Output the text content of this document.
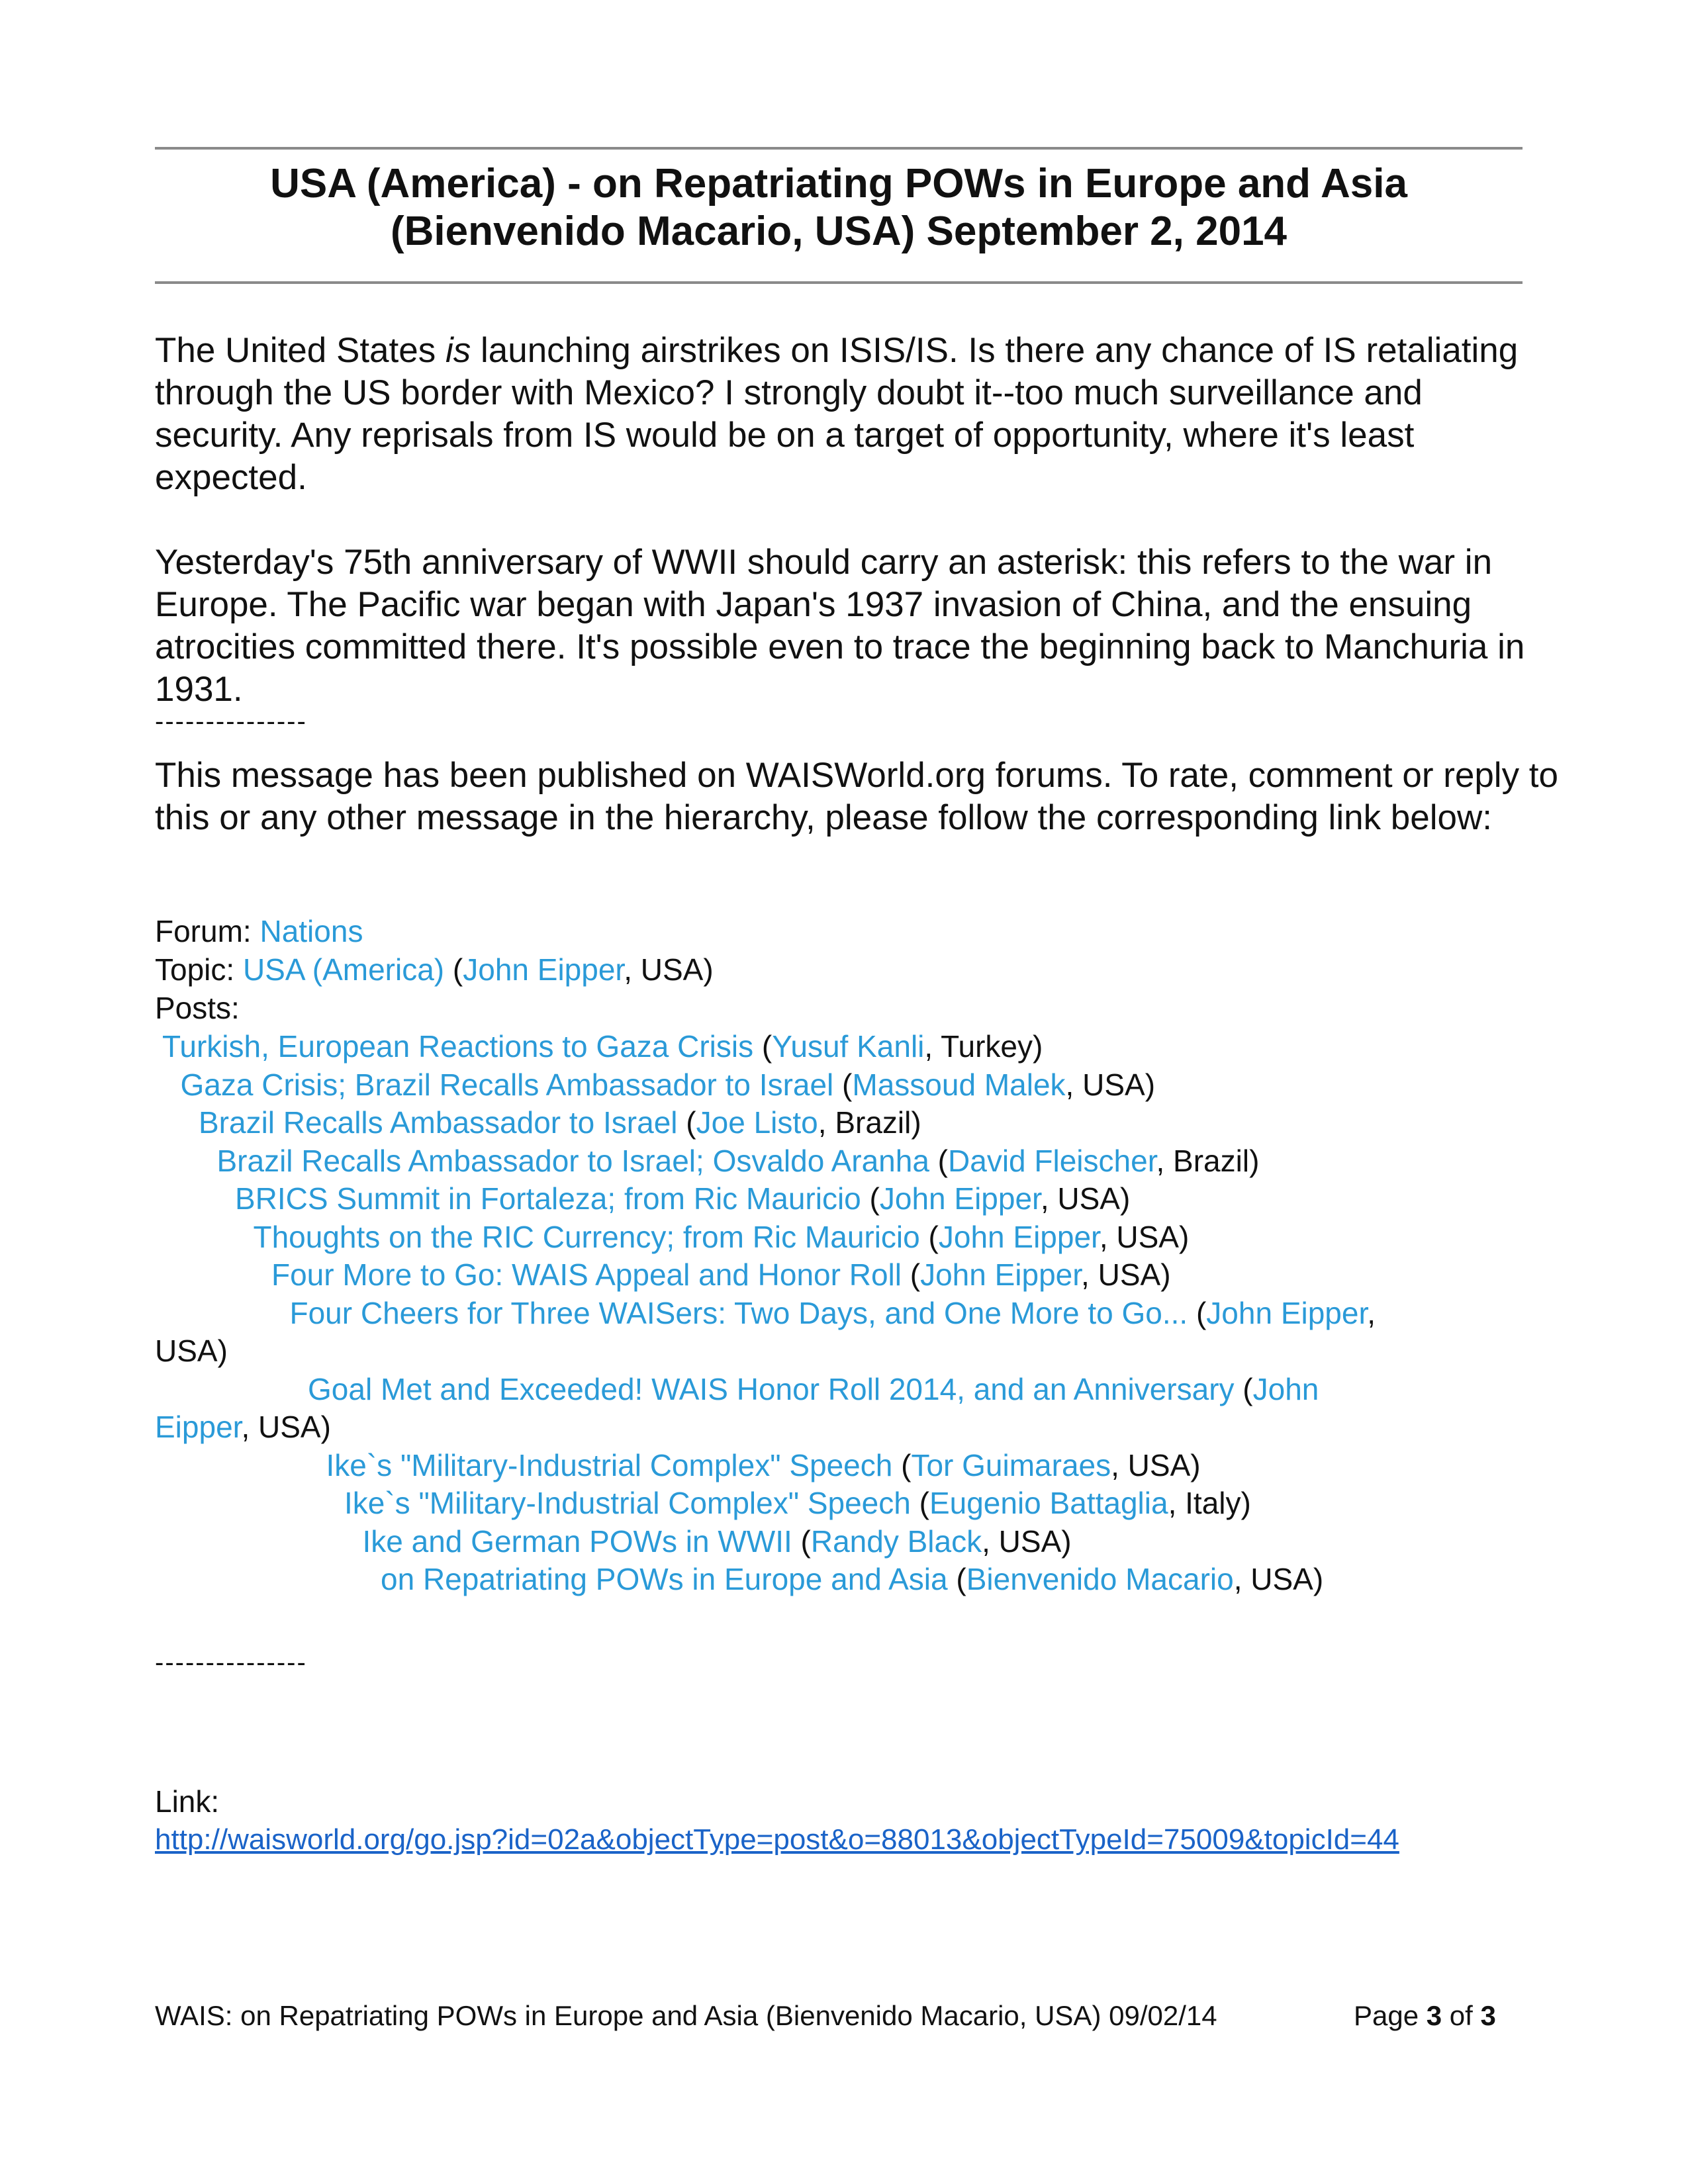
USA (America) - on Repatriating POWs in Europe and Asia
(Bienvenido Macario, USA) September 2, 2014

The United States is launching airstrikes on ISIS/IS. Is there any chance of IS retaliating through the US border with Mexico? I strongly doubt it--too much surveillance and security. Any reprisals from IS would be on a target of opportunity, where it's least expected.

Yesterday's 75th anniversary of WWII should carry an asterisk: this refers to the war in Europe. The Pacific war began with Japan's 1937 invasion of China, and the ensuing atrocities committed there. It's possible even to trace the beginning back to Manchuria in 1931.

---------------

This message has been published on WAISWorld.org forums. To rate, comment or reply to this or any other message in the hierarchy, please follow the corresponding link below:

Forum: Nations
Topic: USA (America) (John Eipper, USA)
Posts:
Turkish, European Reactions to Gaza Crisis (Yusuf Kanli, Turkey)
Gaza Crisis; Brazil Recalls Ambassador to Israel (Massoud Malek, USA)
Brazil Recalls Ambassador to Israel (Joe Listo, Brazil)
Brazil Recalls Ambassador to Israel; Osvaldo Aranha (David Fleischer, Brazil)
BRICS Summit in Fortaleza; from Ric Mauricio (John Eipper, USA)
Thoughts on the RIC Currency; from Ric Mauricio (John Eipper, USA)
Four More to Go: WAIS Appeal and Honor Roll (John Eipper, USA)
Four Cheers for Three WAISers: Two Days, and One More to Go... (John Eipper,
USA)
Goal Met and Exceeded! WAIS Honor Roll 2014, and an Anniversary (John
Eipper, USA)
Ike`s "Military-Industrial Complex" Speech (Tor Guimaraes, USA)
Ike`s "Military-Industrial Complex" Speech (Eugenio Battaglia, Italy)
Ike and German POWs in WWII (Randy Black, USA)
on Repatriating POWs in Europe and Asia (Bienvenido Macario, USA)
Link:
http://waisworld.org/go.jsp?id=02a&objectType=post&o=88013&objectTypeId=75009&topicId=44
WAIS: on Repatriating POWs in Europe and Asia (Bienvenido Macario, USA) 09/02/14	Page 3 of 3
---------------
